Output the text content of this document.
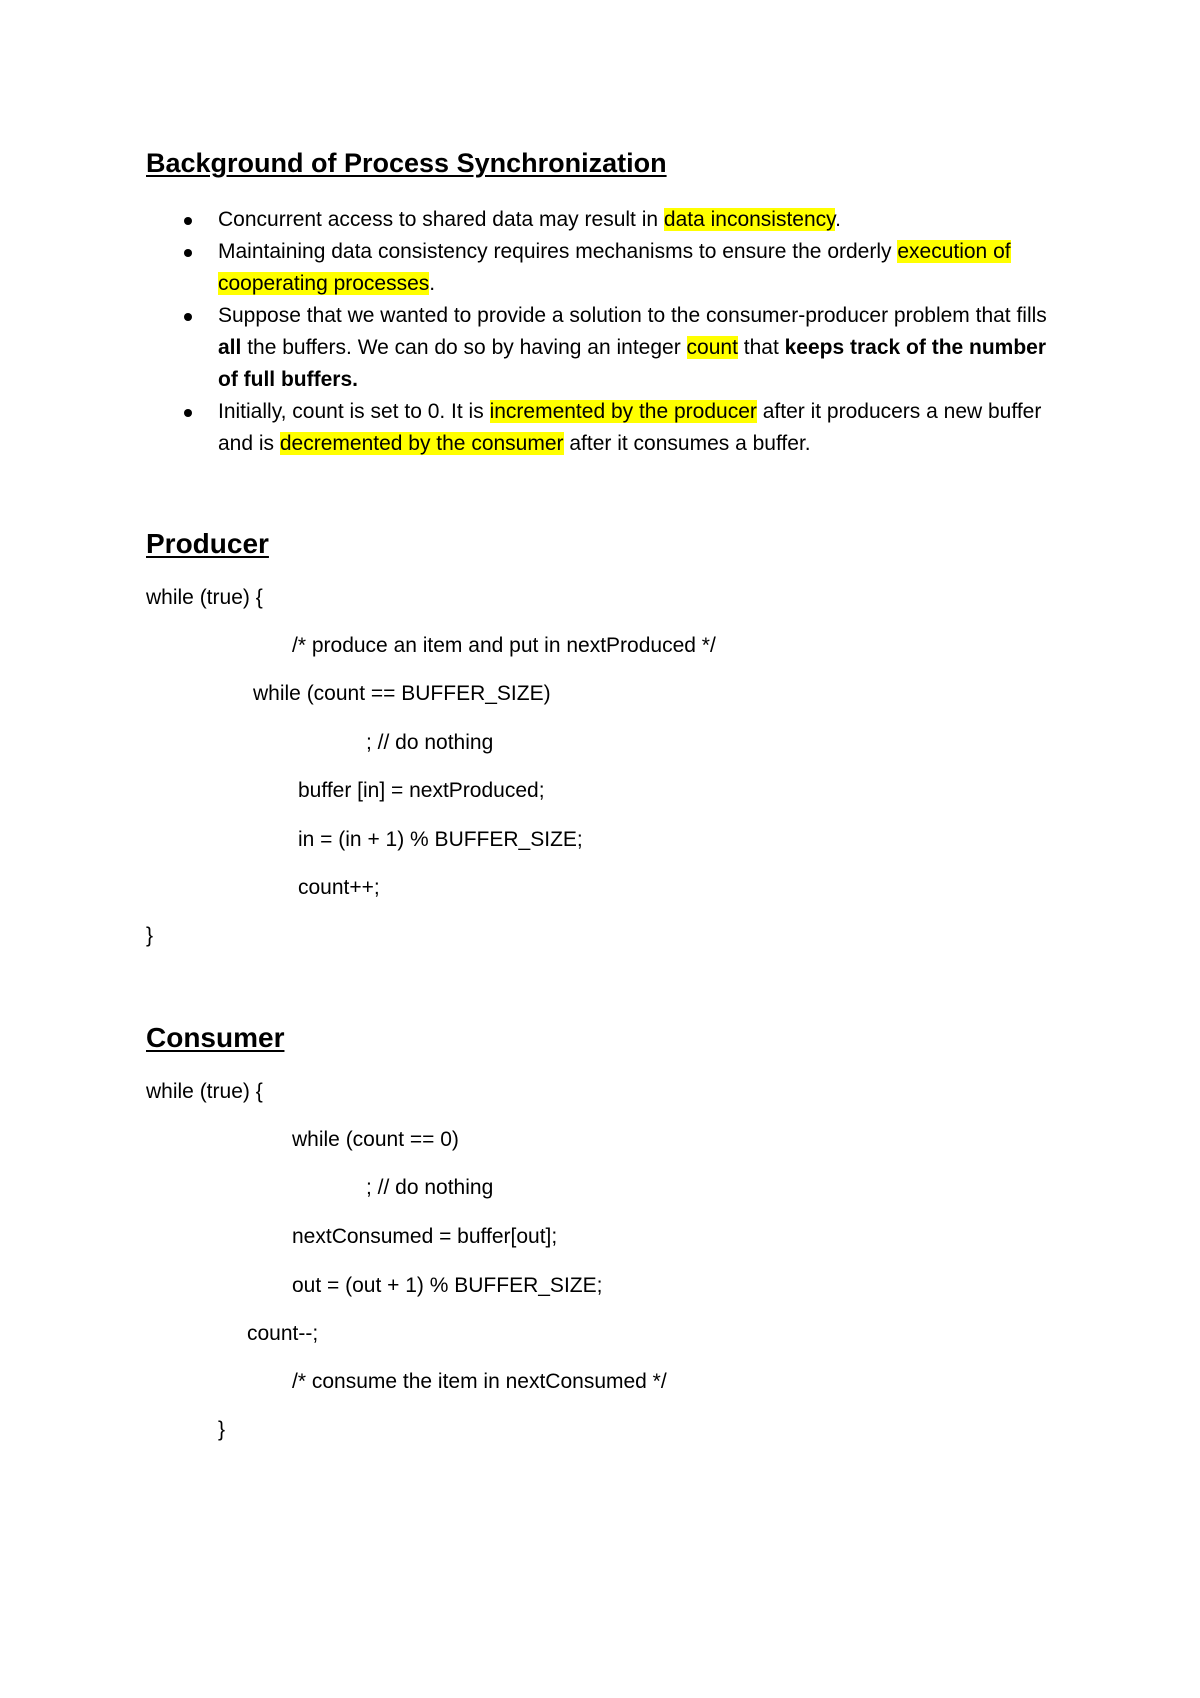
Background of Process Synchronization
Concurrent access to shared data may result in data inconsistency.
Maintaining data consistency requires mechanisms to ensure the orderly execution of cooperating processes.
Suppose that we wanted to provide a solution to the consumer-producer problem that fills all the buffers. We can do so by having an integer count that keeps track of the number of full buffers.
Initially, count is set to 0. It is incremented by the producer after it producers a new buffer and is decremented by the consumer after it consumes a buffer.
Producer
while (true) {
/* produce an item and put in nextProduced */
while (count == BUFFER_SIZE)
; // do nothing
buffer [in] = nextProduced;
in = (in + 1) % BUFFER_SIZE;
count++;
}
Consumer
while (true) {
while (count == 0)
; // do nothing
nextConsumed = buffer[out];
out = (out + 1) % BUFFER_SIZE;
count--;
/* consume the item in nextConsumed */
}
